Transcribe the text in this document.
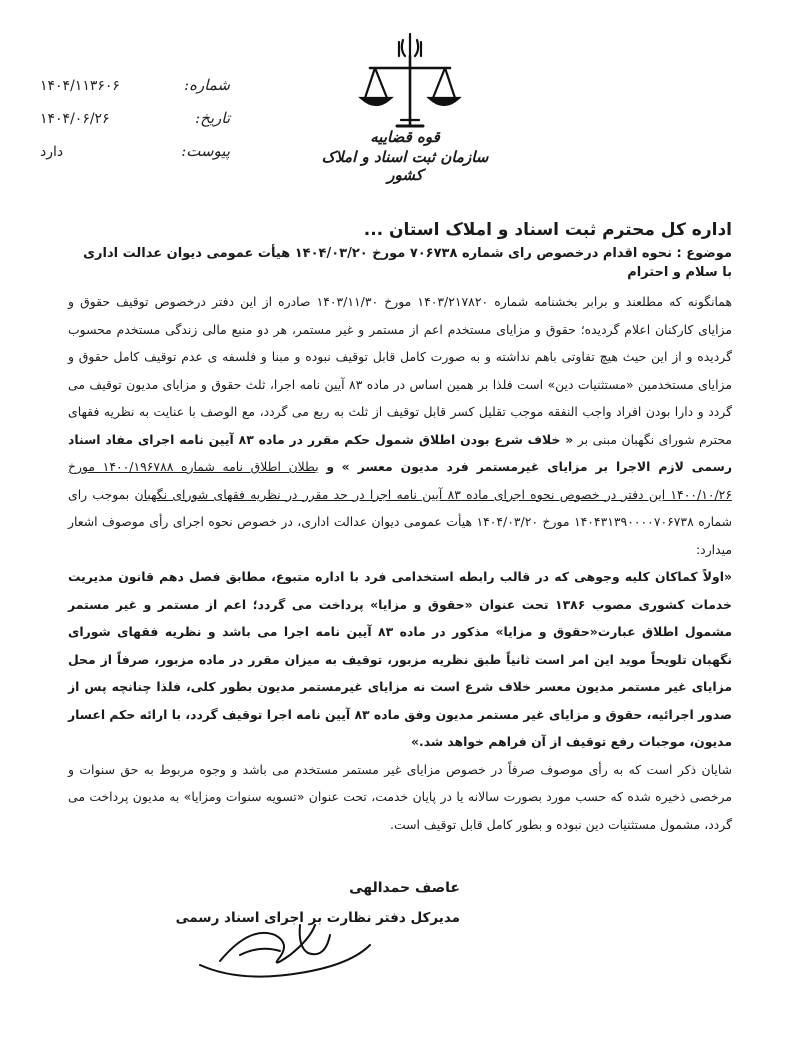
شماره:
۱۴۰۴/۱۱۳۶۰۶
تاریخ:
۱۴۰۴/۰۶/۲۶
پیوست:
دارد
قوه قضاییه
سازمان ثبت اسناد و املاک کشور
اداره کل محترم ثبت اسناد و املاک استان ...
موضوع : نحوه اقدام درخصوص رای شماره ۷۰۶۷۳۸ مورخ ۱۴۰۴/۰۳/۲۰ هیأت عمومی دیوان عدالت اداری
با سلام و احترام

همانگونه که مطلعند و برابر بخشنامه شماره ۱۴۰۳/۲۱۷۸۲۰ مورخ ۱۴۰۳/۱۱/۳۰ صادره از این دفتر درخصوص توقیف حقوق و مزایای کارکنان اعلام گردیده؛ حقوق و مزایای مستخدم اعم از مستمر و غیر مستمر، هر دو منبع مالی زندگی مستخدم محسوب گردیده و از این حیث هیچ تفاوتی باهم نداشته و به صورت کامل قابل توقیف نبوده و مبنا و فلسفه ی عدم توقیف کامل حقوق و مزایای مستخدمین «مستثنیات دین» است فلذا بر همین اساس در ماده ۸۳ آیین نامه اجرا، ثلث حقوق و مزایای مدیون توقیف می گردد و دارا بودن افراد واجب النفقه موجب تقلیل کسر قابل توقیف از ثلث به ربع می گردد، مع الوصف با عنایت به نظریه فقهای محترم شورای نگهبان مبنی بر « خلاف شرع بودن اطلاق شمول حکم مقرر در ماده ۸۳ آیین نامه اجرای مفاد اسناد رسمی لازم الاجرا بر مزایای غیرمستمر فرد مدیون معسر » و بطلان اطلاق نامه شماره ۱۴۰۰/۱۹۶۷۸۸ مورخ ۱۴۰۰/۱۰/۲۶ این دفتر در خصوص نحوه اجرای ماده ۸۳ آیین نامه اجرا در حد مقرر در نظریه فقهای شورای نگهبان بموجب رای شماره ۱۴۰۴۳۱۳۹۰۰۰۰۷۰۶۷۳۸ مورخ ۱۴۰۴/۰۳/۲۰ هیأت عمومی دیوان عدالت اداری، در خصوص نحوه اجرای رأی موصوف اشعار میدارد:

«اولاً کماکان کلیه وجوهی که در قالب رابطه استخدامی فرد با اداره متبوع، مطابق فصل دهم قانون مدیریت خدمات کشوری مصوب ۱۳۸۶ تحت عنوان «حقوق و مزایا» پرداخت می گردد؛ اعم از مستمر و غیر مستمر مشمول اطلاق عبارت«حقوق و مزایا» مذکور در ماده ۸۳ آیین نامه اجرا می باشد و نظریه فقهای شورای نگهبان تلویحاً موید این امر است ثانیاً طبق نظریه مزبور، توقیف به میزان مقرر در ماده مزبور، صرفاً از محل مزایای غیر مستمر مدیون معسر خلاف شرع است نه مزایای غیرمستمر مدیون بطور کلی، فلذا چنانچه پس از صدور اجرائیه، حقوق و مزایای غیر مستمر مدیون وفق ماده ۸۳ آیین نامه اجرا توقیف گردد، با ارائه حکم اعسار مدیون، موجبات رفع توقیف از آن فراهم خواهد شد.»

شایان ذکر است که به رأی موصوف صرفاً در خصوص مزایای غیر مستمر مستخدم می باشد و وجوه مربوط به حق سنوات و مرخصی ذخیره شده که حسب مورد بصورت سالانه یا در پایان خدمت، تحت عنوان «تسویه سنوات ومزایا» به مدیون پرداخت می گردد، مشمول مستثنیات دین نبوده و بطور کامل قابل توقیف است.

عاصف حمدالهی
مدیرکل دفتر نظارت بر اجرای اسناد رسمی
